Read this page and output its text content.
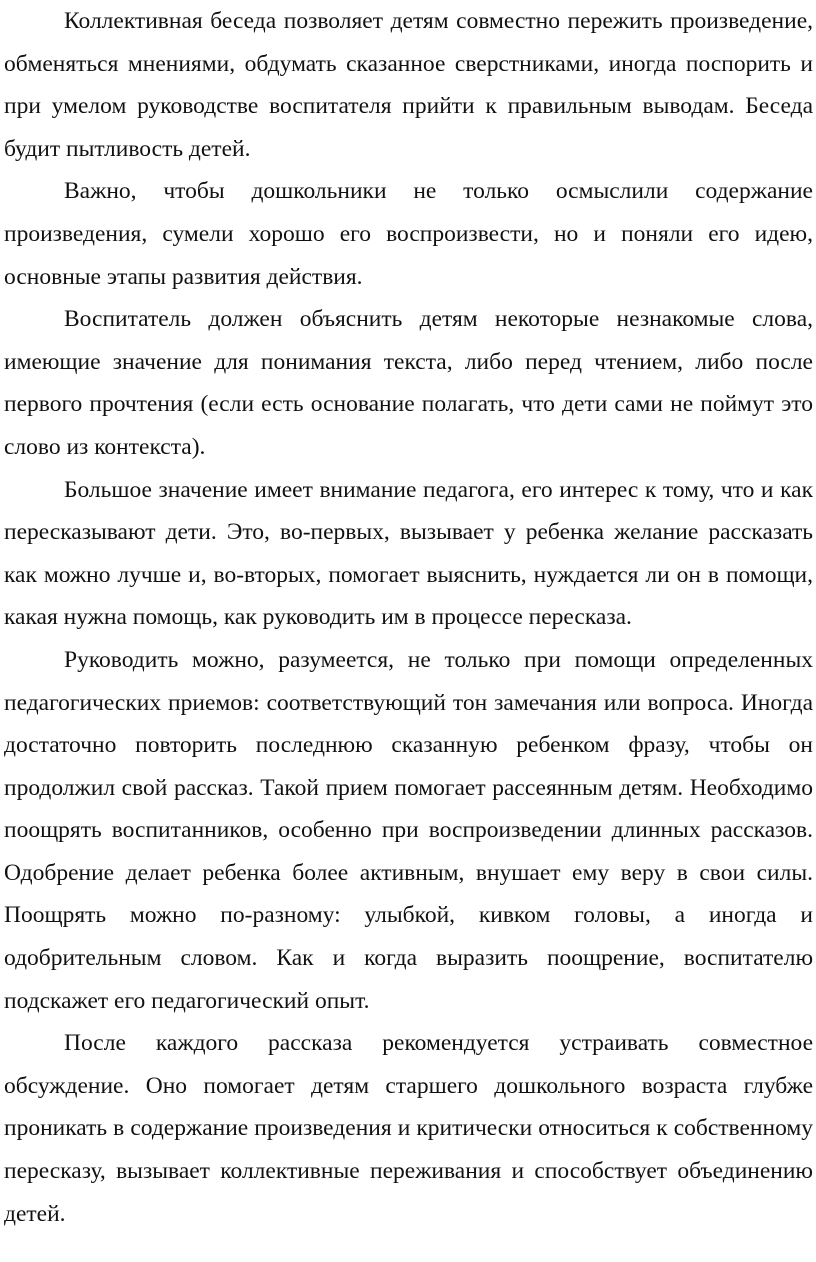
Коллективная беседа позволяет детям совместно пережить произведение, обменяться мнениями, обдумать сказанное сверстниками, иногда поспорить и при умелом руководстве воспитателя прийти к правильным выводам. Беседа будит пытливость детей.

Важно, чтобы дошкольники не только осмыслили содержание произведения, сумели хорошо его воспроизвести, но и поняли его идею, основные этапы развития действия.

Воспитатель должен объяснить детям некоторые незнакомые слова, имеющие значение для понимания текста, либо перед чтением, либо после первого прочтения (если есть основание полагать, что дети сами не поймут это слово из контекста).

Большое значение имеет внимание педагога, его интерес к тому, что и как пересказывают дети. Это, во-первых, вызывает у ребенка желание рассказать как можно лучше и, во-вторых, помогает выяснить, нуждается ли он в помощи, какая нужна помощь, как руководить им в процессе пересказа.

Руководить можно, разумеется, не только при помощи определенных педагогических приемов: соответствующий тон замечания или вопроса. Иногда достаточно повторить последнюю сказанную ребенком фразу, чтобы он продолжил свой рассказ. Такой прием помогает рассеянным детям. Необходимо поощрять воспитанников, особенно при воспроизведении длинных рассказов. Одобрение делает ребенка более активным, внушает ему веру в свои силы. Поощрять можно по-разному: улыбкой, кивком головы, а иногда и одобрительным словом. Как и когда выразить поощрение, воспитателю подскажет его педагогический опыт.

После каждого рассказа рекомендуется устраивать совместное обсуждение. Оно помогает детям старшего дошкольного возраста глубже проникать в содержание произведения и критически относиться к собственному пересказу, вызывает коллективные переживания и способствует объединению детей.
